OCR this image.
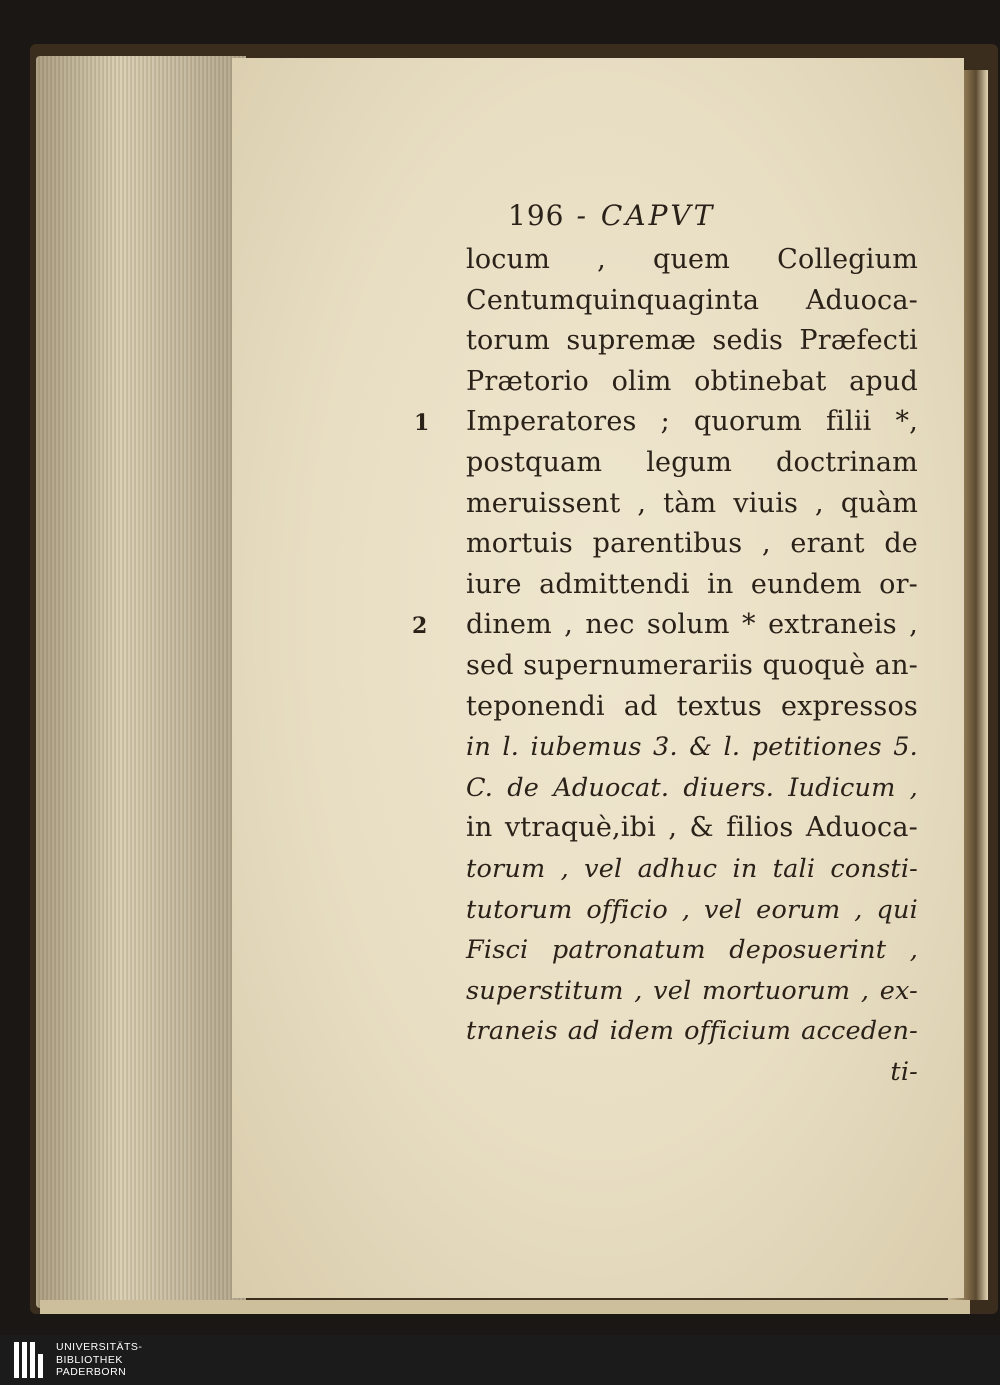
1
2
196 - CAPVT
locum , quem Collegium
Centumquinquaginta Aduoca-
torum supremæ sedis Præfecti
Prætorio olim obtinebat apud
Imperatores ; quorum filii *,
postquam legum doctrinam
meruissent , tàm viuis , quàm
mortuis parentibus , erant de
iure admittendi in eundem or-
dinem , nec solum * extraneis ,
sed supernumerariis quoquè an-
teponendi ad textus expressos
in l. iubemus 3. & l. petitiones 5.
C. de Aduocat. diuers. Iudicum ,
in vtraquè,ibi , & filios Aduoca-
torum , vel adhuc in tali consti-
tutorum officio , vel eorum , qui
Fisci patronatum deposuerint ,
superstitum , vel mortuorum , ex-
traneis ad idem officium acceden-
ti-
UNIVERSITÄTS-
BIBLIOTHEK
PADERBORN
